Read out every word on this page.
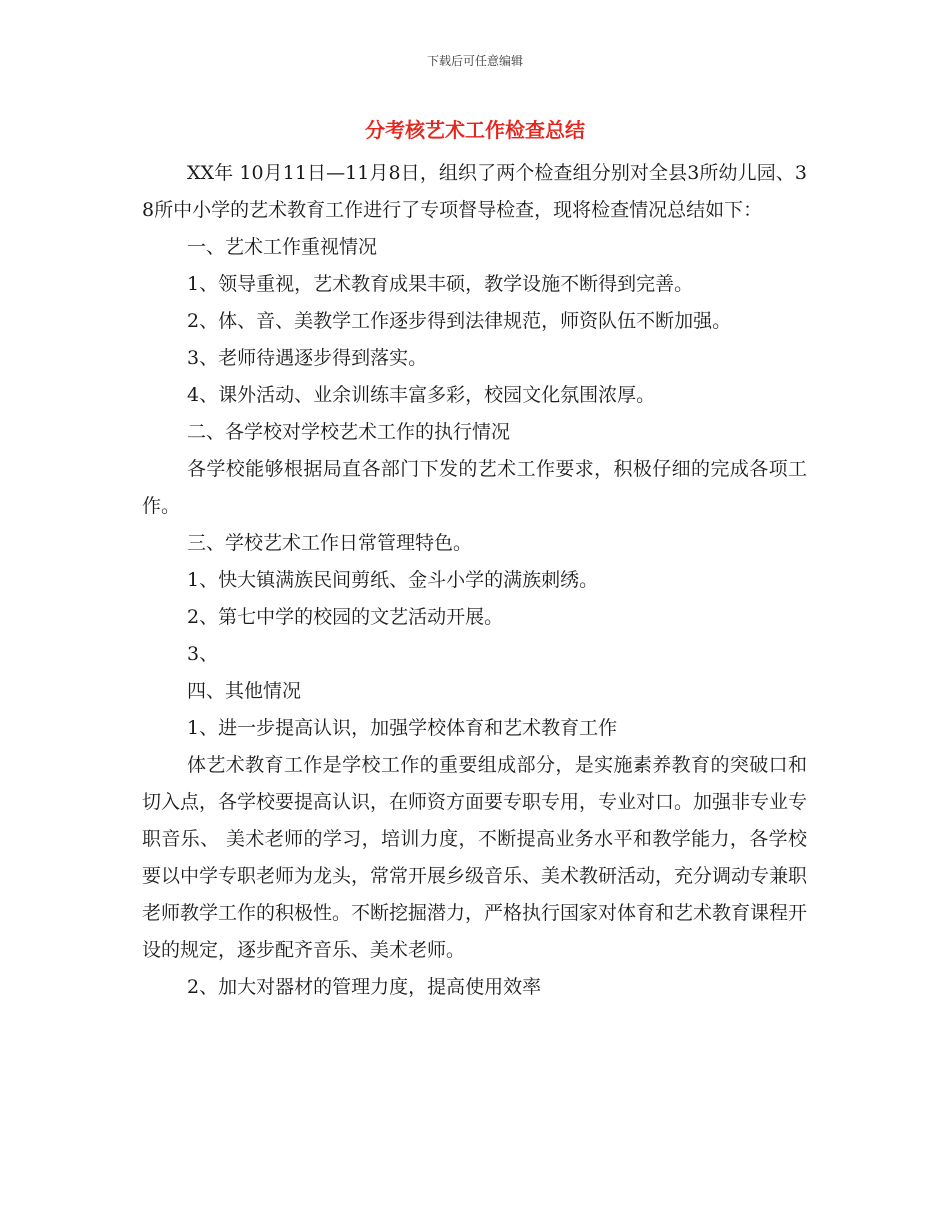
下载后可任意编辑
分考核艺术工作检查总结

XX年 10月11日—11月8日，组织了两个检查组分别对全县3所幼儿园、38所中小学的艺术教育工作进行了专项督导检查，现将检查情况总结如下：

一、艺术工作重视情况

1、领导重视，艺术教育成果丰硕，教学设施不断得到完善。

2、体、音、美教学工作逐步得到法律规范，师资队伍不断加强。

3、老师待遇逐步得到落实。

4、课外活动、业余训练丰富多彩，校园文化氛围浓厚。

二、各学校对学校艺术工作的执行情况

各学校能够根据局直各部门下发的艺术工作要求，积极仔细的完成各项工作。

三、学校艺术工作日常管理特色。

1、快大镇满族民间剪纸、金斗小学的满族刺绣。

2、第七中学的校园的文艺活动开展。

3、

四、其他情况

1、进一步提高认识，加强学校体育和艺术教育工作

体艺术教育工作是学校工作的重要组成部分，是实施素养教育的突破口和切入点，各学校要提高认识，在师资方面要专职专用，专业对口。加强非专业专职音乐、 美术老师的学习，培训力度，不断提高业务水平和教学能力，各学校要以中学专职老师为龙头，常常开展乡级音乐、美术教研活动，充分调动专兼职老师教学工作的积极性。不断挖掘潜力，严格执行国家对体育和艺术教育课程开设的规定，逐步配齐音乐、美术老师。

2、加大对器材的管理力度，提高使用效率
